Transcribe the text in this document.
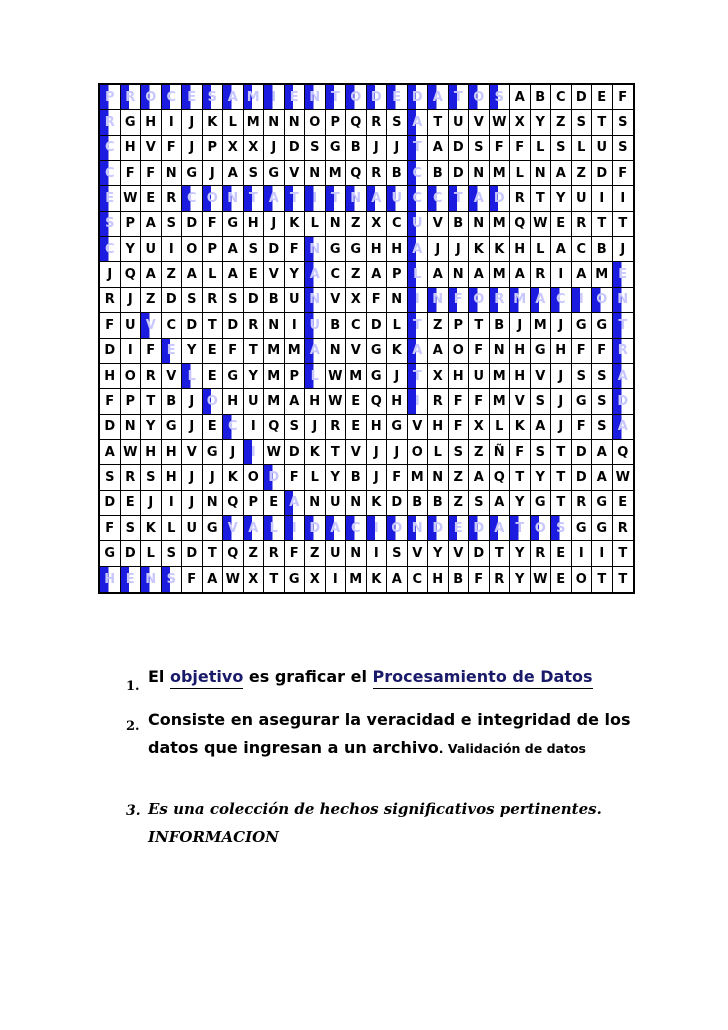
P R O C E S A M I	E N T O D E D A T O S A B C D E F
R G H I	J	K L M N N O P Q R S A T U V W X Y Z S T S
C H V F	J	P X X	J D S G B	J	J	T A D S F F L S L U S
C F F N G J	A S G V N M Q R B C B D N M L N A Z D F
E W E R C O N T A T	I	T N A U C C T A D R T Y U I	I
S P A S D F G H J	K L N Z X C U V B N M Q W E R T T
C Y U I O P A S D F N G G H H A	J	J	K K H L A C B	J
J Q A Z A L A E V Y A C Z A P L A N A M A R	I	A M E
R	J	Z D S R S D B U N V X F N I N F O R M A C	I O N
F U V C D T D R N I U B C D L T Z P T B	J M J G G T
D I	F E Y E F T M M A N V G K A A O F N H G H F F R
H O R V L E G Y M P L W M G J	T X H U M H V	J	S S A
F P T B	J O H U M A H W E Q H I	R F F M V S	J G S D
D N Y G J	E C	I Q S	J	R E H G V H F X L K A	J	F S A
A W H H V G J	I W D K T V	J	J O L S Z Ñ F S T D A Q
S R S H J	J	K O D F L Y B	J	F M N Z A Q T Y T D A W
D E	J	I	J N Q P E A N U N K D B B Z S A Y G T R G E
F S K L U G V A L	I D A C	I O N D E D A T O S G G R
G D L S D T Q Z R F Z U N I	S V Y V D T Y R E	I	I	T
H E N S F A W X T G X	I M K A C H B F R Y W E O T T
1.
El objetivo es graficar el Procesamiento de Datos
2. Consiste en asegurar la veracidad e integridad de los datos que ingresan a un archivo. Validación de datos
3. Es una colección de hechos significativos pertinentes.
INFORMACION
